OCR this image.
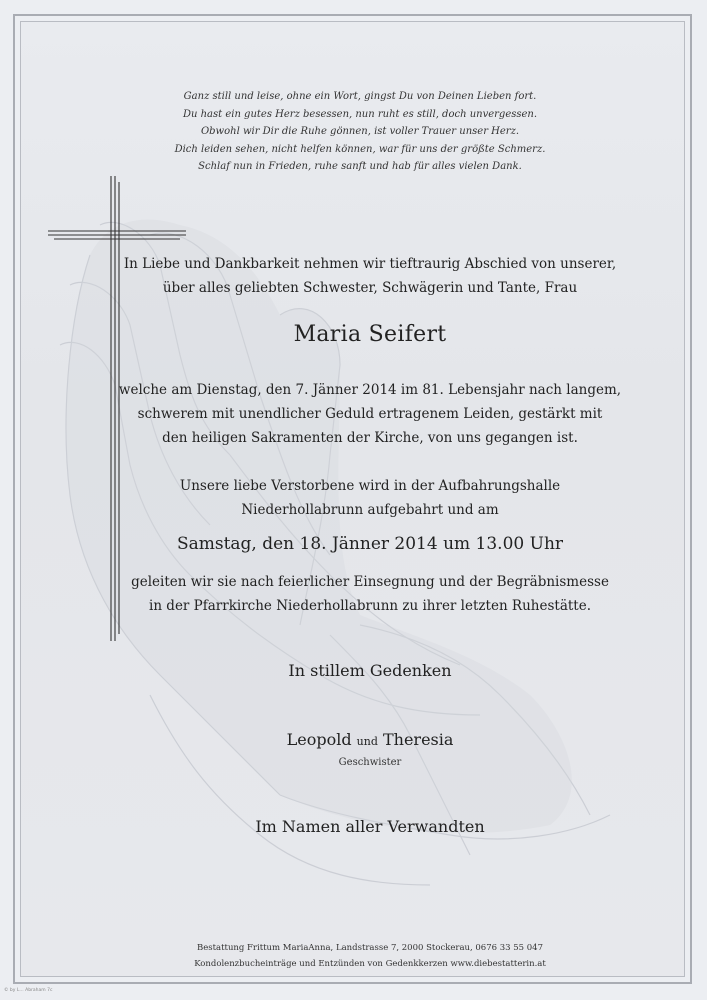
Ganz still und leise, ohne ein Wort, gingst Du von Deinen Lieben fort.
Du hast ein gutes Herz besessen, nun ruht es still, doch unvergessen.
Obwohl wir Dir die Ruhe gönnen, ist voller Trauer unser Herz.
Dich leiden sehen, nicht helfen können, war für uns der größte Schmerz.
Schlaf nun in Frieden, ruhe sanft und hab für alles vielen Dank.
In Liebe und Dankbarkeit nehmen wir tieftraurig Abschied von unserer,
über alles geliebten Schwester, Schwägerin und Tante, Frau
Maria Seifert
welche am Dienstag, den 7. Jänner 2014 im 81. Lebensjahr nach langem,
schwerem mit unendlicher Geduld ertragenem Leiden, gestärkt mit
den heiligen Sakramenten der Kirche, von uns gegangen ist.
Unsere liebe Verstorbene wird in der Aufbahrungshalle
Niederhollabrunn aufgebahrt und am
Samstag, den 18. Jänner 2014 um 13.00 Uhr
geleiten wir sie nach feierlicher Einsegnung und der Begräbnismesse
in der Pfarrkirche Niederhollabrunn zu ihrer letzten Ruhestätte.
In stillem Gedenken
Leopold und Theresia
Geschwister
Im Namen aller Verwandten
Bestattung Frittum MariaAnna, Landstrasse 7, 2000 Stockerau, 0676 33 55 047
Kondolenzbucheinträge und Entzünden von Gedenkkerzen www.diebestatterin.at
© by L... Abraham 7c
